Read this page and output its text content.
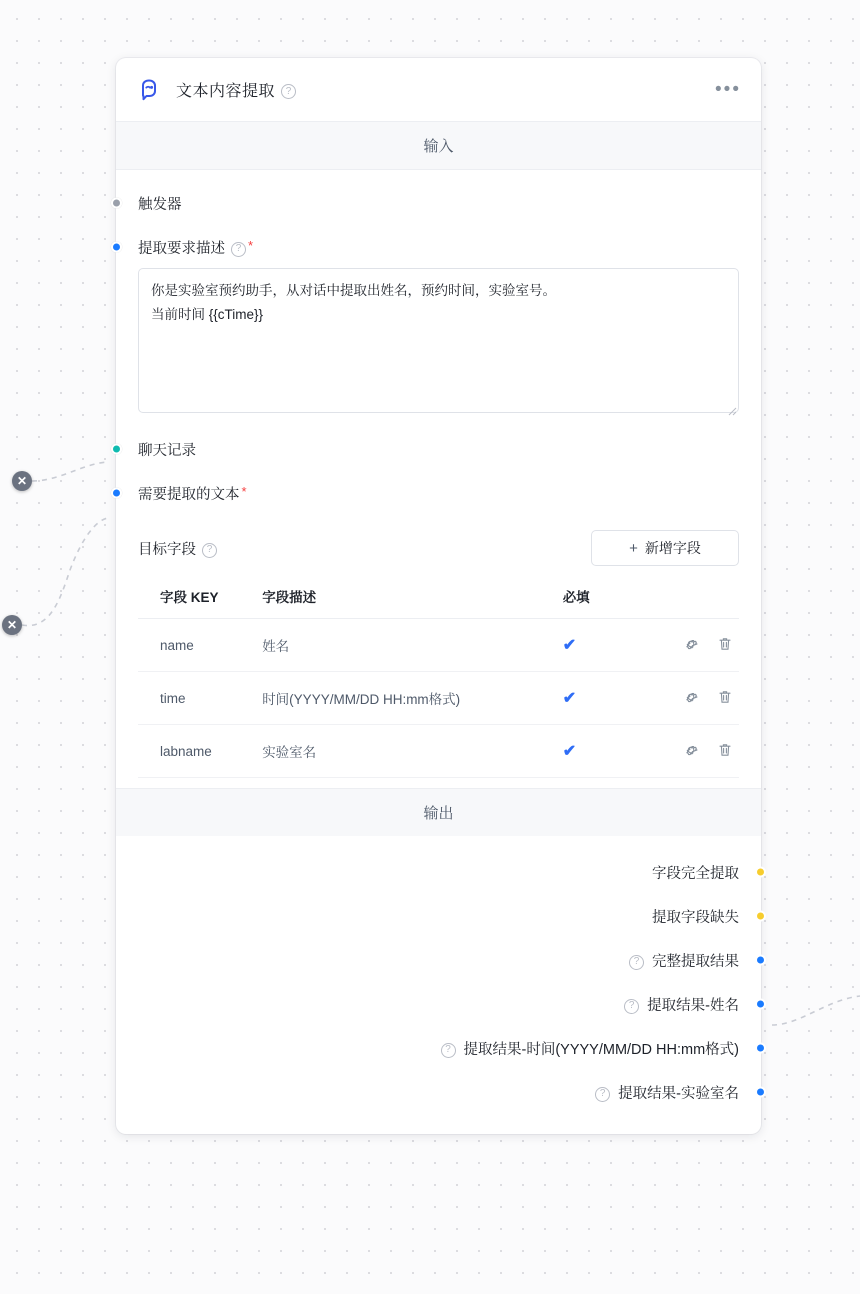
✕
✕
文本内容提取	?	•••
输入
触发器
提取要求描述	? *
你是实验室预约助手，从对话中提取出姓名，预约时间，实验室号。 当前时间 {{cTime}}
聊天记录
需要提取的文本 *
目标字段	?	+ 新增字段
字段 KEY	字段描述	必填	
name	姓名	✔	
time	时间(YYYY/MM/DD HH:mm格式)	✔	
labname	实验室名	✔	
输出
字段完全提取
提取字段缺失
? 完整提取结果
? 提取结果-姓名
? 提取结果-时间(YYYY/MM/DD HH:mm格式)
? 提取结果-实验室名
